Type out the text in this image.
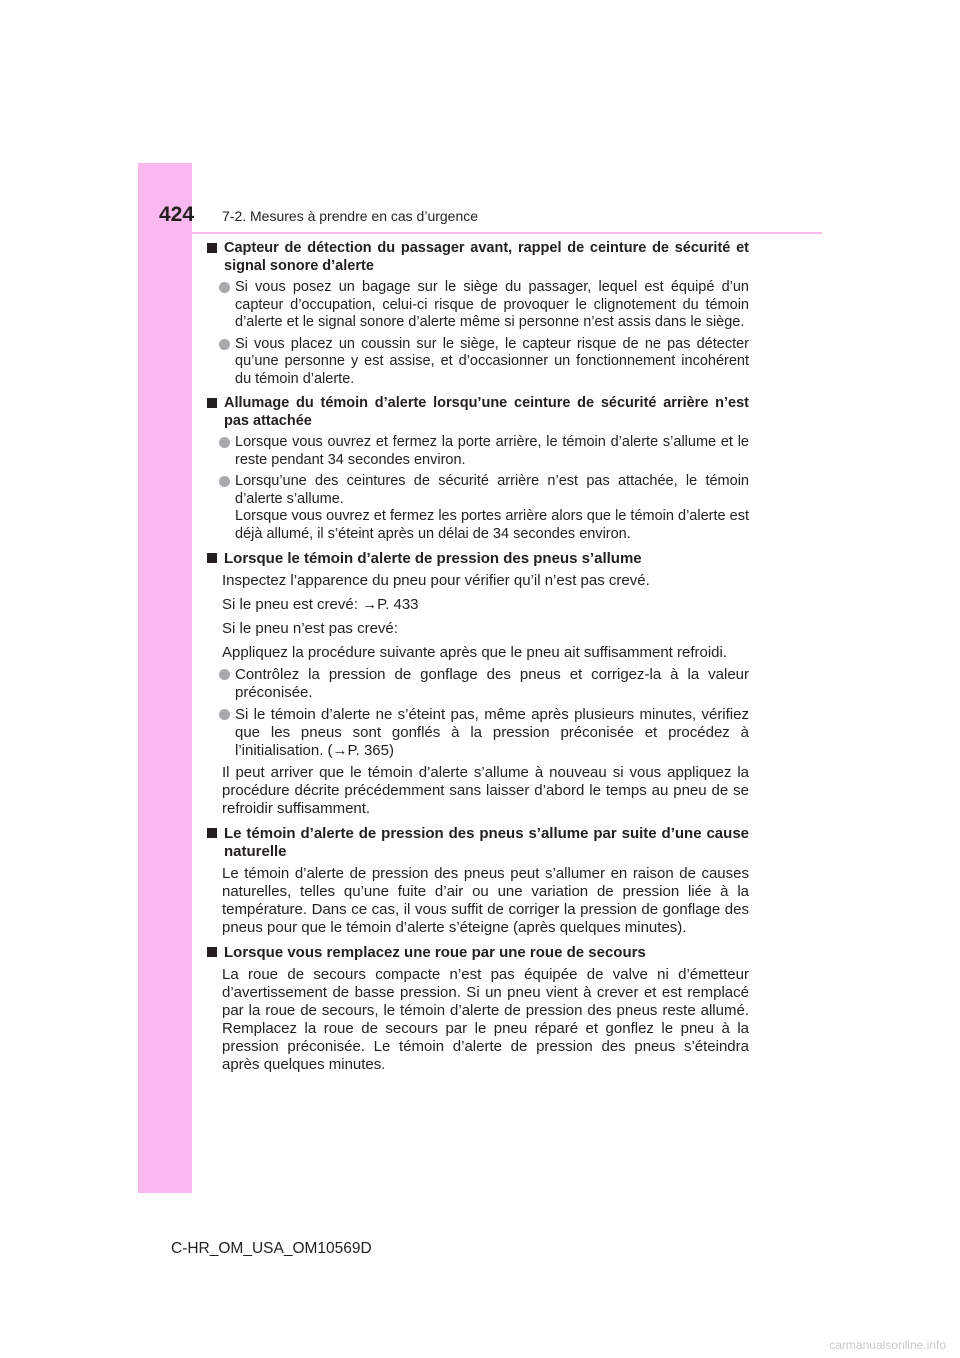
424 7-2. Mesures à prendre en cas d’urgence
Capteur de détection du passager avant, rappel de ceinture de sécurité et signal sonore d’alerte
Si vous posez un bagage sur le siège du passager, lequel est équipé d’un capteur d’occupation, celui-ci risque de provoquer le clignotement du témoin d’alerte et le signal sonore d’alerte même si personne n’est assis dans le siège.
Si vous placez un coussin sur le siège, le capteur risque de ne pas détecter qu’une personne y est assise, et d’occasionner un fonctionnement incohérent du témoin d’alerte.
Allumage du témoin d’alerte lorsqu’une ceinture de sécurité arrière n’est pas attachée
Lorsque vous ouvrez et fermez la porte arrière, le témoin d’alerte s’allume et le reste pendant 34 secondes environ.
Lorsqu’une des ceintures de sécurité arrière n’est pas attachée, le témoin d’alerte s’allume.
Lorsque vous ouvrez et fermez les portes arrière alors que le témoin d’alerte est déjà allumé, il s’éteint après un délai de 34 secondes environ.
Lorsque le témoin d’alerte de pression des pneus s’allume
Inspectez l’apparence du pneu pour vérifier qu’il n’est pas crevé.
Si le pneu est crevé: →P. 433
Si le pneu n’est pas crevé:
Appliquez la procédure suivante après que le pneu ait suffisamment refroidi.
Contrôlez la pression de gonflage des pneus et corrigez-la à la valeur préconisée.
Si le témoin d’alerte ne s’éteint pas, même après plusieurs minutes, vérifiez que les pneus sont gonflés à la pression préconisée et procédez à l’initialisation. (→P. 365)
Il peut arriver que le témoin d’alerte s’allume à nouveau si vous appliquez la procédure décrite précédemment sans laisser d’abord le temps au pneu de se refroidir suffisamment.
Le témoin d’alerte de pression des pneus s’allume par suite d’une cause naturelle
Le témoin d’alerte de pression des pneus peut s’allumer en raison de causes naturelles, telles qu’une fuite d’air ou une variation de pression liée à la température. Dans ce cas, il vous suffit de corriger la pression de gonflage des pneus pour que le témoin d’alerte s’éteigne (après quelques minutes).
Lorsque vous remplacez une roue par une roue de secours
La roue de secours compacte n’est pas équipée de valve ni d’émetteur d’avertissement de basse pression. Si un pneu vient à crever et est remplacé par la roue de secours, le témoin d’alerte de pression des pneus reste allumé. Remplacez la roue de secours par le pneu réparé et gonflez le pneu à la pression préconisée. Le témoin d’alerte de pression des pneus s’éteindra après quelques minutes.
C-HR_OM_USA_OM10569D
carmanualsonline.info
